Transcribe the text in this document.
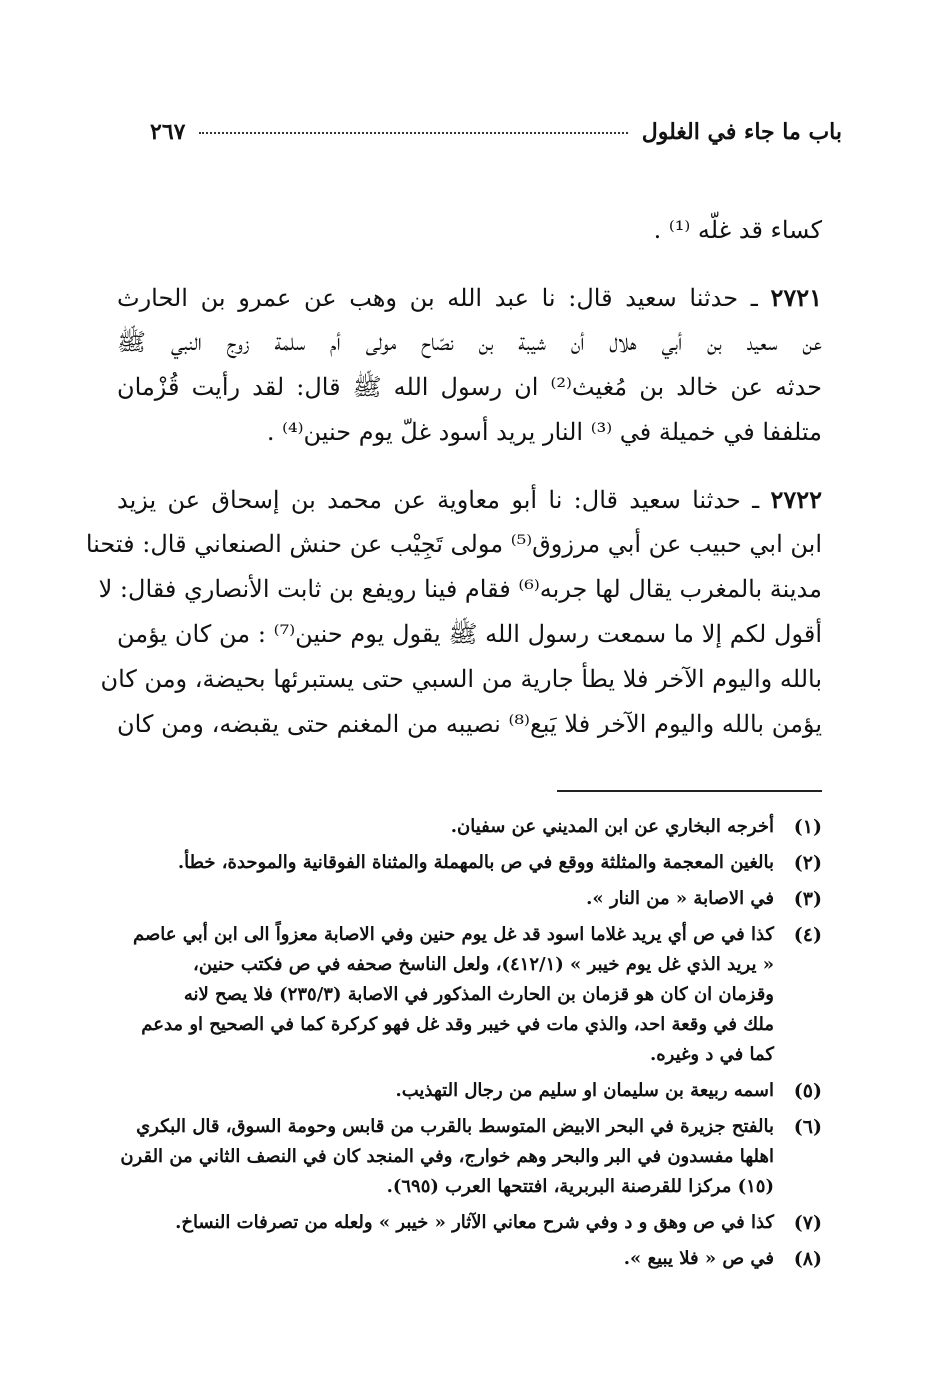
باب ما جاء في الغلول
٢٦٧
كساء قد غلّه ⁽¹⁾ .
٢٧٢١ ـ حدثنا سعيد قال: نا عبد الله بن وهب عن عمرو بن الحارث
عن سعيد بن أبي هلال أن شيبة بن نصّاح مولى أم سلمة زوج النبي ﷺ
حدثه عن خالد بن مُغيث⁽²⁾ ان رسول الله ﷺ قال: لقد رأيت قُزْمان
متلففا في خميلة في ⁽³⁾ النار يريد أسود غلّ يوم حنين⁽⁴⁾ .
٢٧٢٢ ـ حدثنا سعيد قال: نا أبو معاوية عن محمد بن إسحاق عن يزيد
ابن ابي حبيب عن أبي مرزوق⁽⁵⁾ مولى تَجِيْب عن حنش الصنعاني قال: فتحنا
مدينة بالمغرب يقال لها جربه⁽⁶⁾ فقام فينا رويفع بن ثابت الأنصاري فقال: لا
أقول لكم إلا ما سمعت رسول الله ﷺ يقول يوم حنين⁽⁷⁾ : من كان يؤمن
بالله واليوم الآخر فلا يطأ جارية من السبي حتى يستبرئها بحيضة، ومن كان
يؤمن بالله واليوم الآخر فلا يَبع⁽⁸⁾ نصيبه من المغنم حتى يقبضه، ومن كان
(١)
أخرجه البخاري عن ابن المديني عن سفيان.
(٢)
بالغين المعجمة والمثلثة ووقع في ص بالمهملة والمثناة الفوقانية والموحدة، خطأ.
(٣)
في الاصابة « من النار ».
(٤)
كذا في ص أي يريد غلاما اسود قد غل يوم حنين وفي الاصابة معزواً الى ابن أبي عاصم
« يريد الذي غل يوم خيبر » (٤١٢/١)، ولعل الناسخ صحفه في ص فكتب حنين،
وقزمان ان كان هو قزمان بن الحارث المذكور في الاصابة (٢٣٥/٣) فلا يصح لانه
ملك في وقعة احد، والذي مات في خيبر وقد غل فهو كركرة كما في الصحيح او مدعم
كما في د وغيره.
(٥)
اسمه ربيعة بن سليمان او سليم من رجال التهذيب.
(٦)
بالفتح جزيرة في البحر الابيض المتوسط بالقرب من قابس وحومة السوق، قال البكري
اهلها مفسدون في البر والبحر وهم خوارج، وفي المنجد كان في النصف الثاني من القرن
(١٥) مركزا للقرصنة البربرية، افتتحها العرب (٦٩٥).
(٧)
كذا في ص وهق و د وفي شرح معاني الآثار « خيبر » ولعله من تصرفات النساخ.
(٨)
في ص « فلا يبيع ».
